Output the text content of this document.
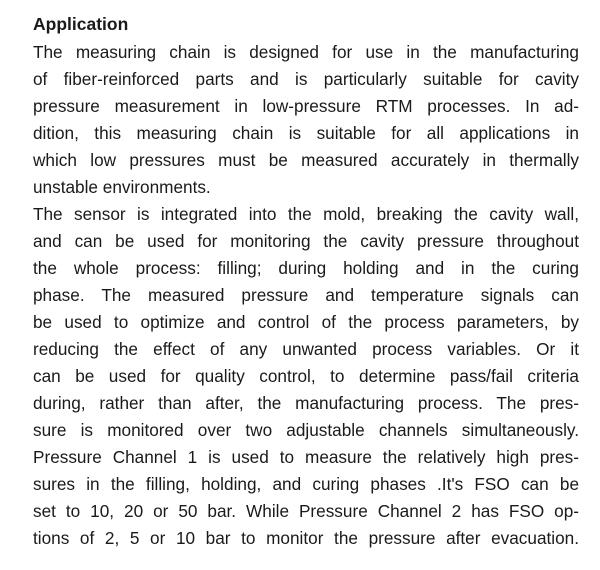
Application
The measuring chain is designed for use in the manufacturing
of fiber-reinforced parts and is particularly suitable for cavity
pressure measurement in low-pressure RTM processes. In ad-
dition, this measuring chain is suitable for all applications in
which low pressures must be measured accurately in thermally
unstable environments.
The sensor is integrated into the mold, breaking the cavity wall,
and can be used for monitoring the cavity pressure throughout
the whole process: filling; during holding and in the curing
phase. The measured pressure and temperature signals can
be used to optimize and control of the process parameters, by
reducing the effect of any unwanted process variables. Or it
can be used for quality control, to determine pass/fail criteria
during, rather than after, the manufacturing process. The pres-
sure is monitored over two adjustable channels simultaneously.
Pressure Channel 1 is used to measure the relatively high pres-
sures in the filling, holding, and curing phases .It's FSO can be
set to 10, 20 or 50 bar. While Pressure Channel 2 has FSO op-
tions of 2, 5 or 10 bar to monitor the pressure after evacuation.
